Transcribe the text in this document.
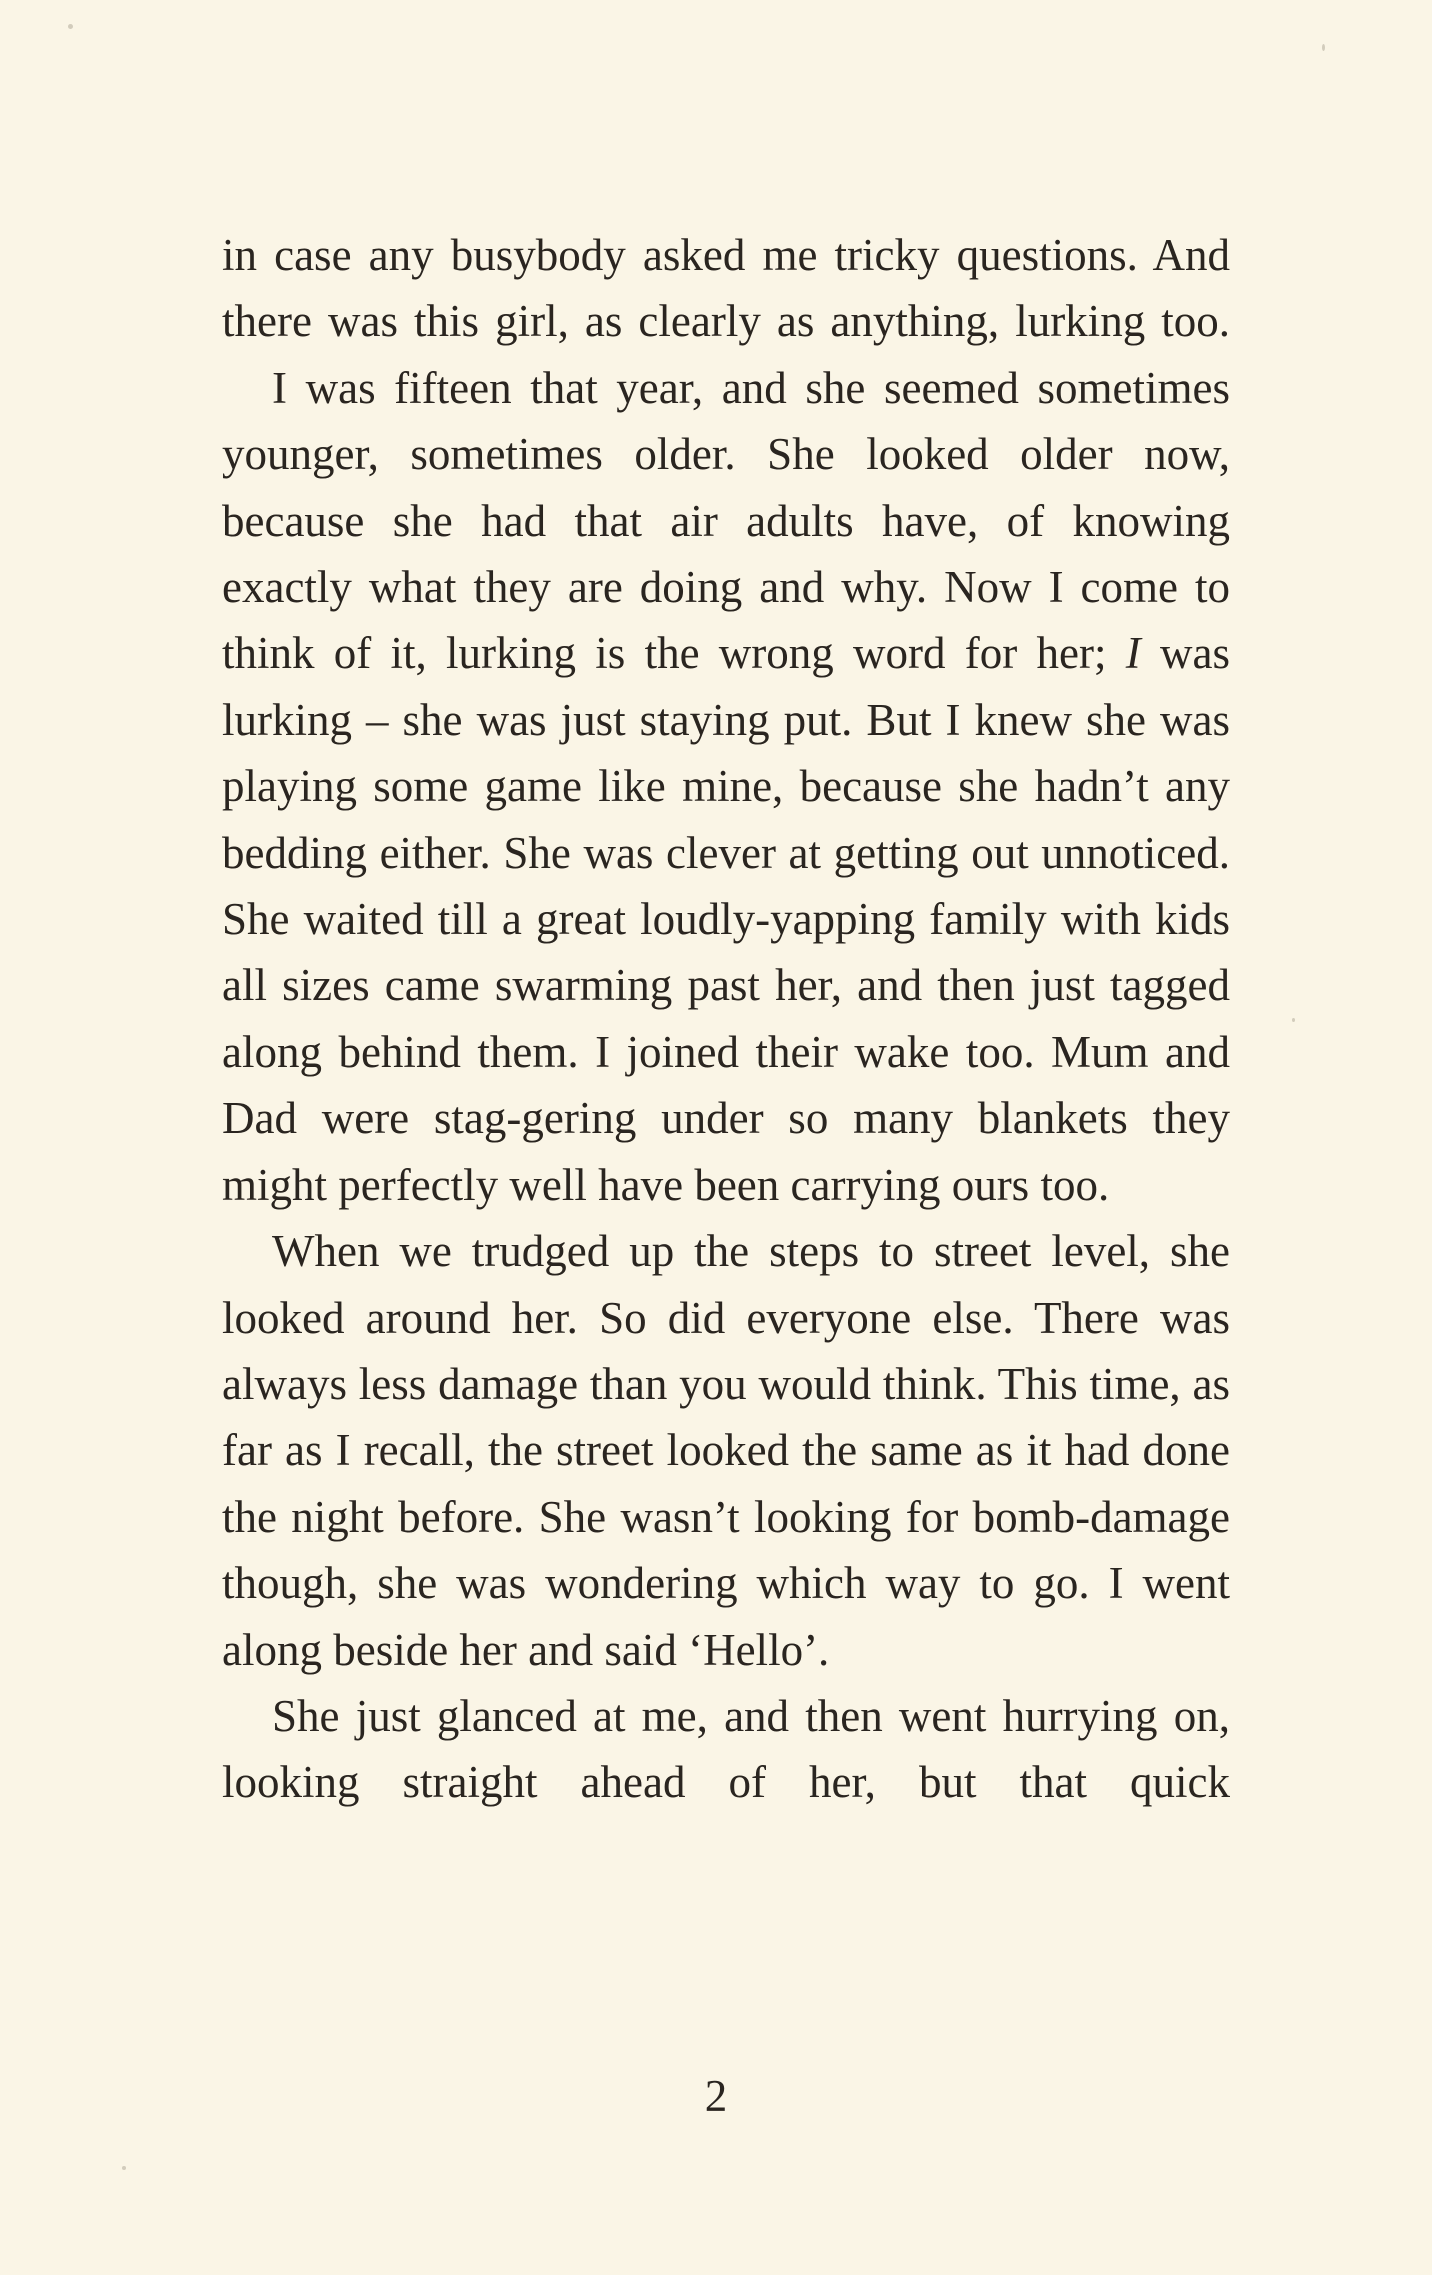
in case any busybody asked me tricky questions. And there was this girl, as clearly as anything, lurking too.

I was fifteen that year, and she seemed sometimes younger, sometimes older. She looked older now, because she had that air adults have, of knowing exactly what they are doing and why. Now I come to think of it, lurking is the wrong word for her; I was lurking – she was just staying put. But I knew she was playing some game like mine, because she hadn’t any bedding either. She was clever at getting out unnoticed. She waited till a great loudly-yapping family with kids all sizes came swarming past her, and then just tagged along behind them. I joined their wake too. Mum and Dad were stag-gering under so many blankets they might perfectly well have been carrying ours too.

When we trudged up the steps to street level, she looked around her. So did everyone else. There was always less damage than you would think. This time, as far as I recall, the street looked the same as it had done the night before. She wasn’t looking for bomb-damage though, she was wondering which way to go. I went along beside her and said ‘Hello’.

She just glanced at me, and then went hurrying on, looking straight ahead of her, but that quick

2
